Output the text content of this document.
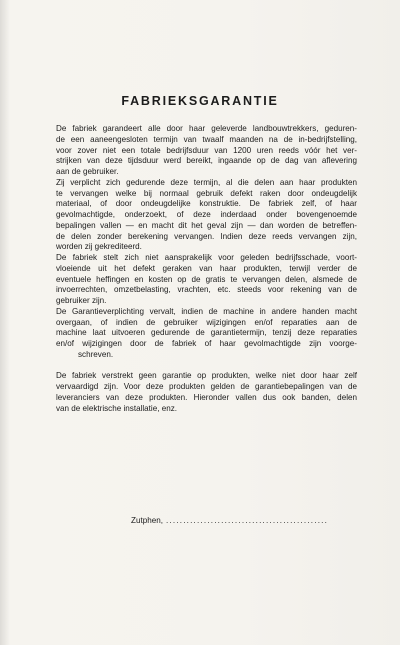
FABRIEKSGARANTIE

De fabriek garandeert alle door haar geleverde landbouwtrekkers, geduren-
de een aaneengesloten termijn van twaalf maanden na de in-bedrijfstelling,
voor zover niet een totale bedrijfsduur van 1200 uren reeds vóór het ver-
strijken van deze tijdsduur werd bereikt, ingaande op de dag van aflevering
aan de gebruiker.

Zij verplicht zich gedurende deze termijn, al die delen aan haar produkten
te vervangen welke bij normaal gebruik defekt raken door ondeugdelijk
materiaal, of door ondeugdelijke konstruktie. De fabriek zelf, of haar
gevolmachtigde, onderzoekt, of deze inderdaad onder bovengenoemde
bepalingen vallen — en macht dit het geval zijn — dan worden de betreffen-
de delen zonder berekening vervangen. Indien deze reeds vervangen zijn,
worden zij gekrediteerd.

De fabriek stelt zich niet aansprakelijk voor geleden bedrijfsschade, voort-
vloeiende uit het defekt geraken van haar produkten, terwijl verder de
eventuele heffingen en kosten op de gratis te vervangen delen, alsmede de
invoerrechten, omzetbelasting, vrachten, etc. steeds voor rekening van de
gebruiker zijn.

De Garantieverplichting vervalt, indien de machine in andere handen macht
overgaan, of indien de gebruiker wijzigingen en/of reparaties aan de
machine laat uitvoeren gedurende de garantietermijn, tenzij deze reparaties
en/of wijzigingen door de fabriek of haar gevolmachtigde zijn voorge-
schreven.

De fabriek verstrekt geen garantie op produkten, welke niet door haar zelf
vervaardigd zijn. Voor deze produkten gelden de garantiebepalingen van de
leveranciers van deze produkten. Hieronder vallen dus ook banden, delen
van de elektrische installatie, enz.

Zutphen, ...............................................
